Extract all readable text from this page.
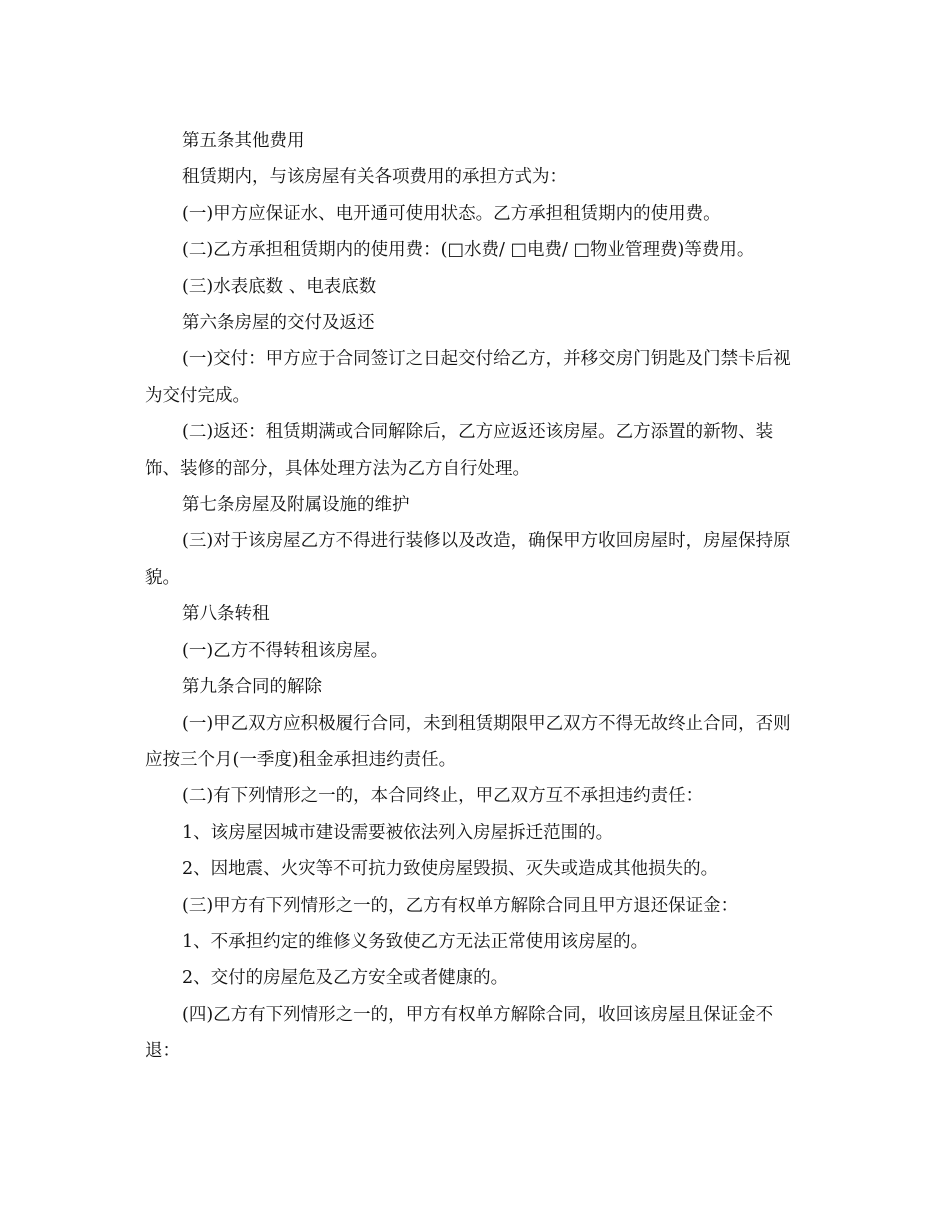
第五条其他费用

租赁期内，与该房屋有关各项费用的承担方式为：

(一)甲方应保证水、电开通可使用状态。乙方承担租赁期内的使用费。

(二)乙方承担租赁期内的使用费：(□水费/ □电费/ □物业管理费)等费用。

(三)水表底数 、电表底数

第六条房屋的交付及返还

(一)交付：甲方应于合同签订之日起交付给乙方，并移交房门钥匙及门禁卡后视为交付完成。

(二)返还：租赁期满或合同解除后，乙方应返还该房屋。乙方添置的新物、装饰、装修的部分，具体处理方法为乙方自行处理。

第七条房屋及附属设施的维护

(三)对于该房屋乙方不得进行装修以及改造，确保甲方收回房屋时，房屋保持原貌。

第八条转租

(一)乙方不得转租该房屋。

第九条合同的解除

(一)甲乙双方应积极履行合同，未到租赁期限甲乙双方不得无故终止合同，否则应按三个月(一季度)租金承担违约责任。

(二)有下列情形之一的，本合同终止，甲乙双方互不承担违约责任：

1、该房屋因城市建设需要被依法列入房屋拆迁范围的。

2、因地震、火灾等不可抗力致使房屋毁损、灭失或造成其他损失的。

(三)甲方有下列情形之一的，乙方有权单方解除合同且甲方退还保证金：

1、不承担约定的维修义务致使乙方无法正常使用该房屋的。

2、交付的房屋危及乙方安全或者健康的。

(四)乙方有下列情形之一的，甲方有权单方解除合同，收回该房屋且保证金不退：
